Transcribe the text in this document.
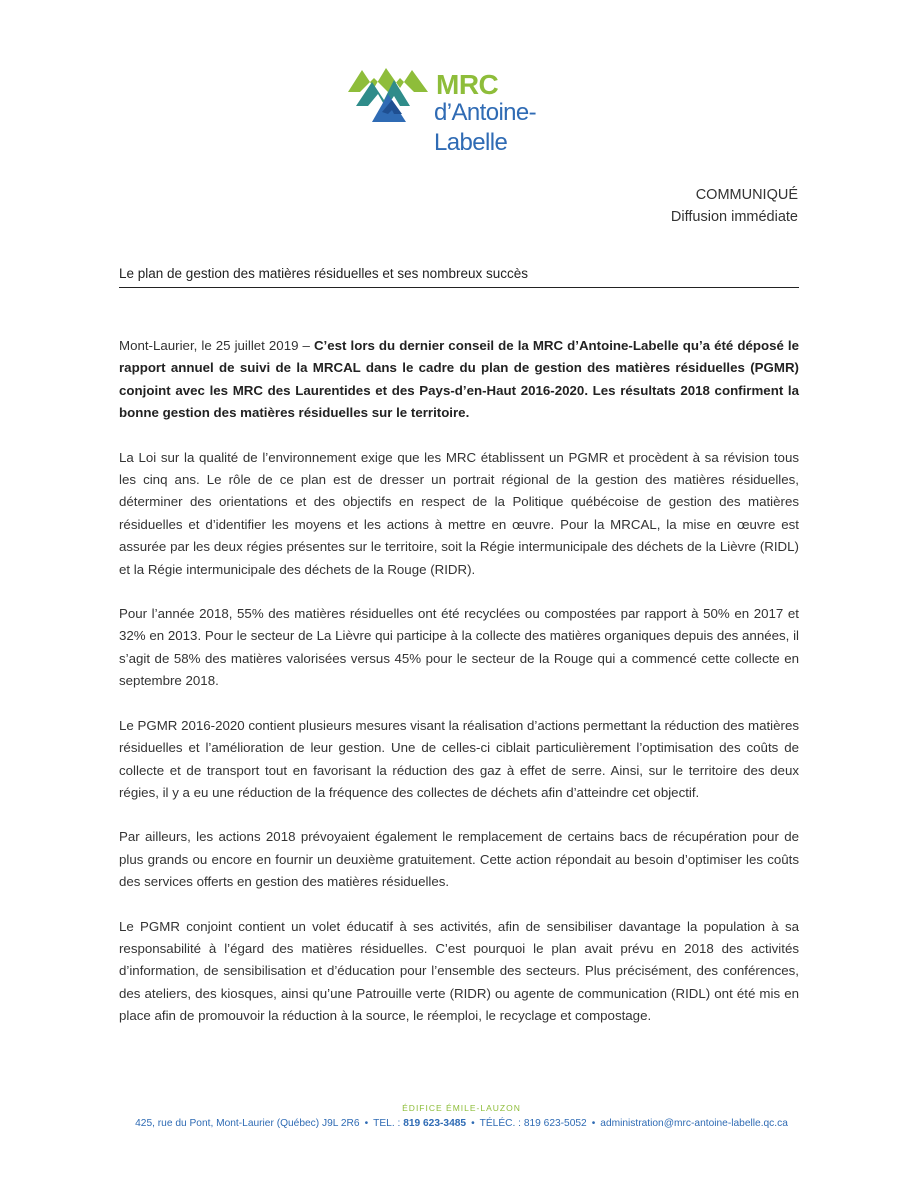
MRC
d’Antoine-Labelle
COMMUNIQUÉ
Diffusion immédiate
Le plan de gestion des matières résiduelles et ses nombreux succès

Mont-Laurier, le 25 juillet 2019 – C’est lors du dernier conseil de la MRC d’Antoine-Labelle qu’a été déposé le rapport annuel de suivi de la MRCAL dans le cadre du plan de gestion des matières résiduelles (PGMR) conjoint avec les MRC des Laurentides et des Pays-d’en-Haut 2016-2020. Les résultats 2018 confirment la bonne gestion des matières résiduelles sur le territoire.

La Loi sur la qualité de l’environnement exige que les MRC établissent un PGMR et procèdent à sa révision tous les cinq ans. Le rôle de ce plan est de dresser un portrait régional de la gestion des matières résiduelles, déterminer des orientations et des objectifs en respect de la Politique québécoise de gestion des matières résiduelles et d’identifier les moyens et les actions à mettre en œuvre. Pour la MRCAL, la mise en œuvre est assurée par les deux régies présentes sur le territoire, soit la Régie intermunicipale des déchets de la Lièvre (RIDL) et la Régie intermunicipale des déchets de la Rouge (RIDR).

Pour l’année 2018, 55% des matières résiduelles ont été recyclées ou compostées par rapport à 50% en 2017 et 32% en 2013. Pour le secteur de La Lièvre qui participe à la collecte des matières organiques depuis des années, il s’agit de 58% des matières valorisées versus 45% pour le secteur de la Rouge qui a commencé cette collecte en septembre 2018.

Le PGMR 2016-2020 contient plusieurs mesures visant la réalisation d’actions permettant la réduction des matières résiduelles et l’amélioration de leur gestion. Une de celles-ci ciblait particulièrement l’optimisation des coûts de collecte et de transport tout en favorisant la réduction des gaz à effet de serre. Ainsi, sur le territoire des deux régies, il y a eu une réduction de la fréquence des collectes de déchets afin d’atteindre cet objectif.

Par ailleurs, les actions 2018 prévoyaient également le remplacement de certains bacs de récupération pour de plus grands ou encore en fournir un deuxième gratuitement. Cette action répondait au besoin d’optimiser les coûts des services offerts en gestion des matières résiduelles.

Le PGMR conjoint contient un volet éducatif à ses activités, afin de sensibiliser davantage la population à sa responsabilité à l’égard des matières résiduelles. C’est pourquoi le plan avait prévu en 2018 des activités d’information, de sensibilisation et d’éducation pour l’ensemble des secteurs. Plus précisément, des conférences, des ateliers, des kiosques, ainsi qu’une Patrouille verte (RIDR) ou agente de communication (RIDL) ont été mis en place afin de promouvoir la réduction à la source, le réemploi, le recyclage et compostage.

ÉDIFICE ÉMILE-LAUZON
425, rue du Pont, Mont-Laurier (Québec) J9L 2R6 • TEL. : 819 623-3485 • TÉLÉC. : 819 623-5052 • administration@mrc-antoine-labelle.qc.ca
